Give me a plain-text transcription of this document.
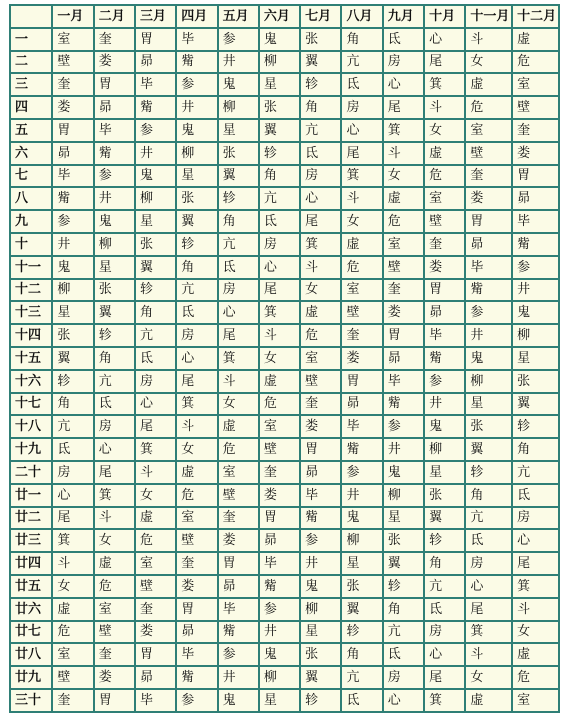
	一月	二月	三月	四月	五月	六月	七月	八月	九月	十月	十一月	十二月
一	室	奎	胃	毕	参	鬼	张	角	氐	心	斗	虚
二	壁	娄	昴	觜	井	柳	翼	亢	房	尾	女	危
三	奎	胃	毕	参	鬼	星	轸	氐	心	箕	虚	室
四	娄	昴	觜	井	柳	张	角	房	尾	斗	危	壁
五	胃	毕	参	鬼	星	翼	亢	心	箕	女	室	奎
六	昴	觜	井	柳	张	轸	氐	尾	斗	虚	壁	娄
七	毕	参	鬼	星	翼	角	房	箕	女	危	奎	胃
八	觜	井	柳	张	轸	亢	心	斗	虚	室	娄	昴
九	参	鬼	星	翼	角	氐	尾	女	危	壁	胃	毕
十	井	柳	张	轸	亢	房	箕	虚	室	奎	昴	觜
十一	鬼	星	翼	角	氐	心	斗	危	壁	娄	毕	参
十二	柳	张	轸	亢	房	尾	女	室	奎	胃	觜	井
十三	星	翼	角	氐	心	箕	虚	壁	娄	昴	参	鬼
十四	张	轸	亢	房	尾	斗	危	奎	胃	毕	井	柳
十五	翼	角	氐	心	箕	女	室	娄	昴	觜	鬼	星
十六	轸	亢	房	尾	斗	虚	壁	胃	毕	参	柳	张
十七	角	氐	心	箕	女	危	奎	昴	觜	井	星	翼
十八	亢	房	尾	斗	虚	室	娄	毕	参	鬼	张	轸
十九	氐	心	箕	女	危	壁	胃	觜	井	柳	翼	角
二十	房	尾	斗	虚	室	奎	昴	参	鬼	星	轸	亢
廿一	心	箕	女	危	壁	娄	毕	井	柳	张	角	氐
廿二	尾	斗	虚	室	奎	胃	觜	鬼	星	翼	亢	房
廿三	箕	女	危	壁	娄	昴	参	柳	张	轸	氐	心
廿四	斗	虚	室	奎	胃	毕	井	星	翼	角	房	尾
廿五	女	危	壁	娄	昴	觜	鬼	张	轸	亢	心	箕
廿六	虚	室	奎	胃	毕	参	柳	翼	角	氐	尾	斗
廿七	危	壁	娄	昴	觜	井	星	轸	亢	房	箕	女
廿八	室	奎	胃	毕	参	鬼	张	角	氐	心	斗	虚
廿九	壁	娄	昴	觜	井	柳	翼	亢	房	尾	女	危
三十	奎	胃	毕	参	鬼	星	轸	氐	心	箕	虚	室
